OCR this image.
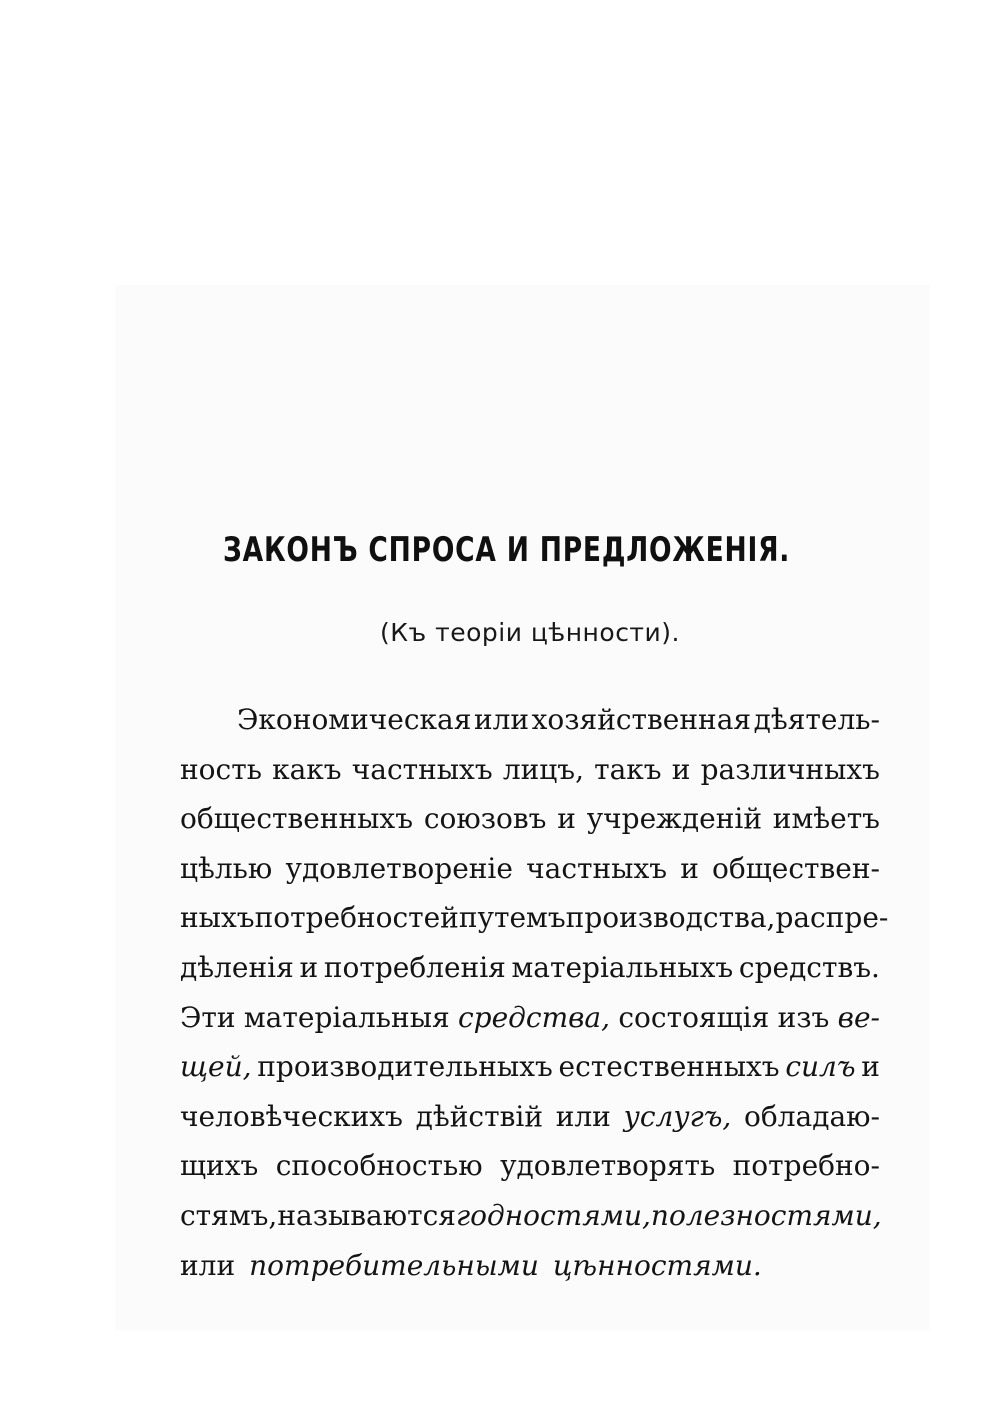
ЗАКОНЪ СПРОСА И ПРЕДЛОЖЕНІЯ.
(Къ теоріи цѣнности).
Экономическая или хозяйственная дѣятель-
ность какъ частныхъ лицъ, такъ и различныхъ
общественныхъ союзовъ и учрежденій имѣетъ
цѣлью удовлетвореніе частныхъ и обществен-
ныхъ потребностей путемъ производства, распре-
дѣленія и потребленія матеріальныхъ средствъ.
Эти матеріальныя средства, состоящія изъ ве-
щей, производительныхъ естественныхъ силъ и
человѣческихъ дѣйствій или услугъ, обладаю-
щихъ способностью удовлетворять потребно-
стямъ, называются годностями, полезностями,
или потребительными цѣнностями.
